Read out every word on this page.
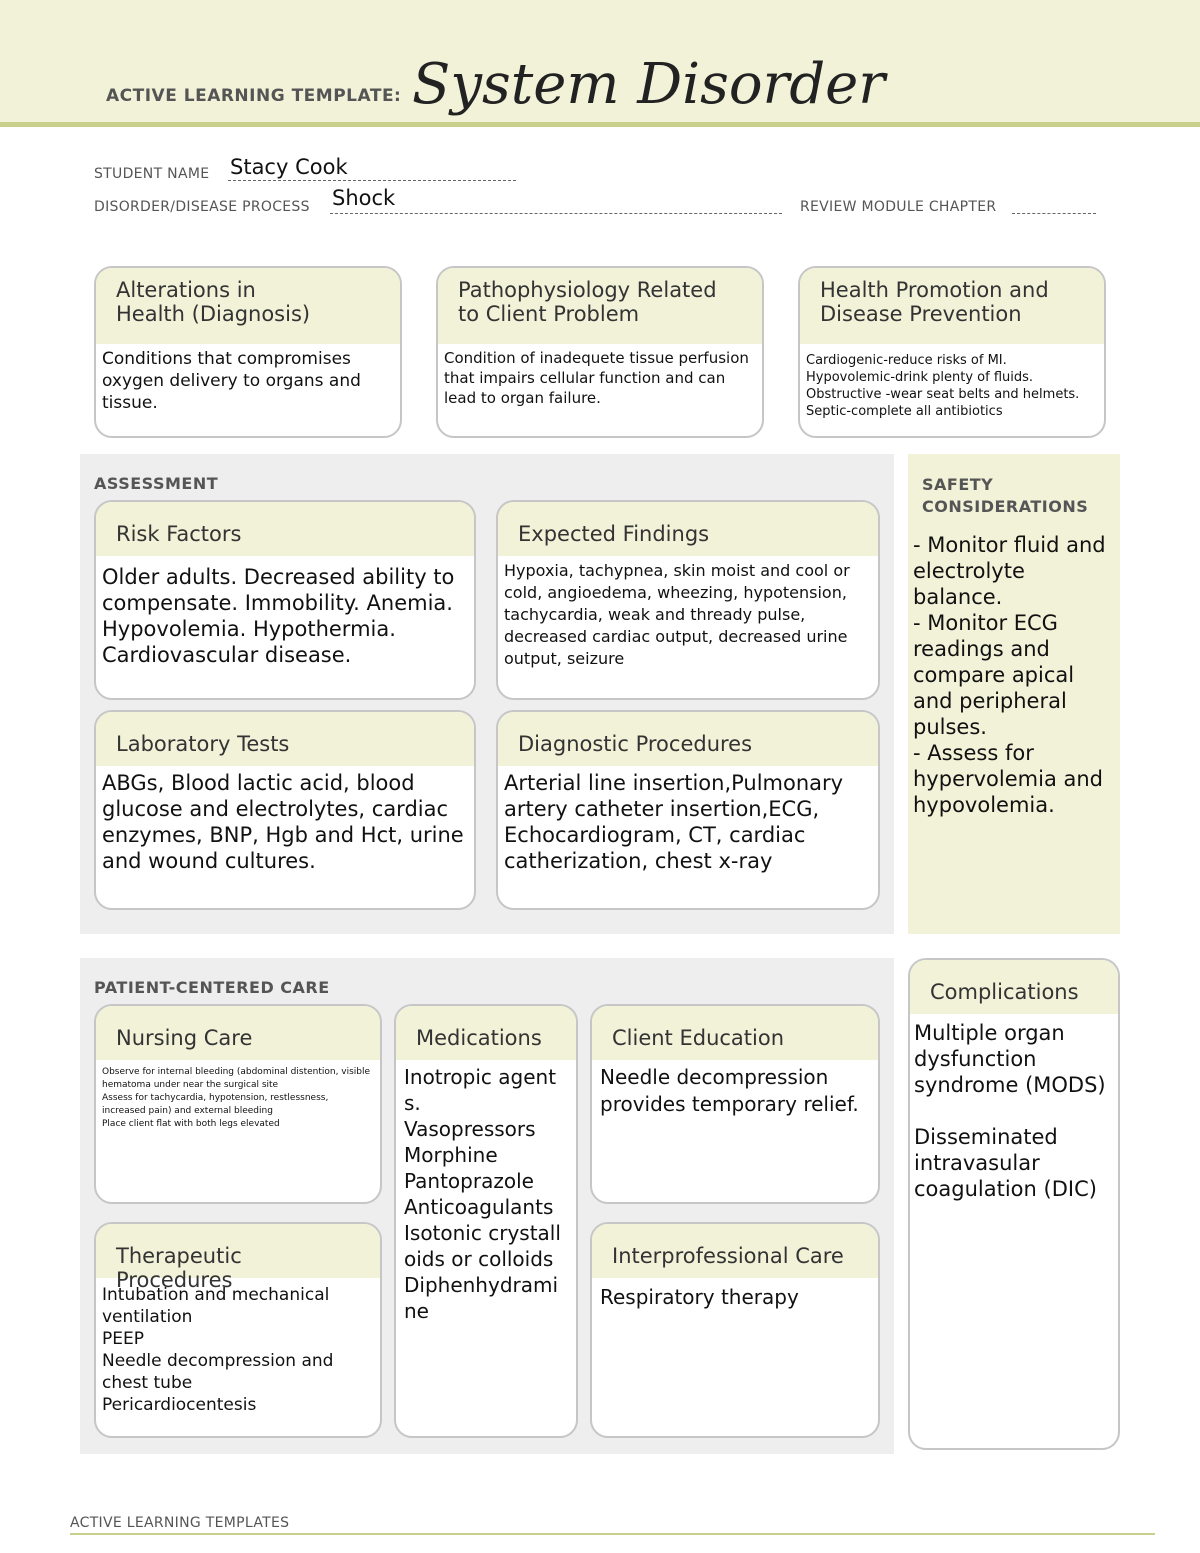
ACTIVE LEARNING TEMPLATE: System Disorder
STUDENT NAME Stacy Cook
DISORDER/DISEASE PROCESS Shock	REVIEW MODULE CHAPTER
Alterations in
Health (Diagnosis)
Conditions that compromises oxygen delivery to organs and tissue.
Pathophysiology Related
to Client Problem
Condition of inadequete tissue perfusion that impairs cellular function and can lead to organ failure.
Health Promotion and
Disease Prevention
Cardiogenic-reduce risks of MI.
Hypovolemic-drink plenty of fluids.
Obstructive -wear seat belts and helmets.
Septic-complete all antibiotics
ASSESSMENT
Risk Factors
Older adults. Decreased ability to compensate. Immobility. Anemia. Hypovolemia. Hypothermia. Cardiovascular disease.
Expected Findings
Hypoxia, tachypnea, skin moist and cool or cold, angioedema, wheezing, hypotension, tachycardia, weak and thready pulse, decreased cardiac output, decreased urine output, seizure
Laboratory Tests
ABGs, Blood lactic acid, blood glucose and electrolytes, cardiac enzymes, BNP, Hgb and Hct, urine and wound cultures.
Diagnostic Procedures
Arterial line insertion,Pulmonary artery catheter insertion,ECG, Echocardiogram, CT, cardiac catherization, chest x-ray
SAFETY
CONSIDERATIONS
- Monitor fluid and electrolyte balance.
- Monitor ECG readings and compare apical and peripheral pulses.
- Assess for hypervolemia and hypovolemia.
PATIENT-CENTERED CARE
Nursing Care
Observe for internal bleeding (abdominal distention, visible hematoma under near the surgical site
Assess for tachycardia, hypotension, restlessness, increased pain) and external bleeding
Place client flat with both legs elevated
Medications
Inotropic agents.
Vasopressors
Morphine
Pantoprazole
Anticoagulants
Isotonic crystalloids or colloids
Diphenhydramine
Client Education
Needle decompression provides temporary relief.
Therapeutic Procedures
Intubation and mechanical ventilation
PEEP
Needle decompression and chest tube
Pericardiocentesis
Interprofessional Care
Respiratory therapy
Complications
Multiple organ dysfunction syndrome (MODS)

Disseminated intravasular coagulation (DIC)
ACTIVE LEARNING TEMPLATES
